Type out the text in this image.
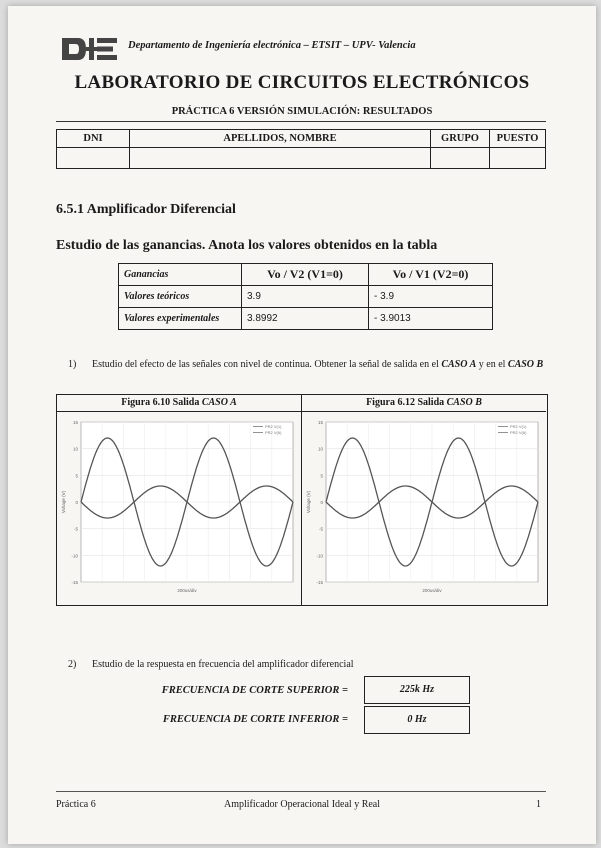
Departamento de Ingeniería electrónica – ETSIT – UPV- Valencia
LABORATORIO DE CIRCUITOS ELECTRÓNICOS
PRÁCTICA 6 VERSIÓN SIMULACIÓN: RESULTADOS
DNI	APELLIDOS, NOMBRE	GRUPO	PUESTO

6.5.1 Amplificador Diferencial
Estudio de las ganancias. Anota los valores obtenidos en la tabla
Ganancias	Vo / V2 (V1=0)	Vo / V1 (V2=0)
Valores teóricos	3.9	- 3.9
Valores experimentales	3.8992	- 3.9013
1) Estudio del efecto de las señales con nivel de continua. Obtener la señal de salida en el CASO A y en el CASO B
Figura 6.10 Salida CASO A
15
10
5
0
-5
-10
-15
Voltage (V)
200us/div
PR2 V(1)
PR2 V(6)
Figura 6.12 Salida CASO B
15
10
5
0
-5
-10
-15
Voltage (V)
200us/div
PR2 V(1)
PR2 V(6)
2) Estudio de la respuesta en frecuencia del amplificador diferencial
FRECUENCIA DE CORTE SUPERIOR =	225k Hz
FRECUENCIA DE CORTE INFERIOR =	0 Hz
Práctica 6	Amplificador Operacional Ideal y Real	1
